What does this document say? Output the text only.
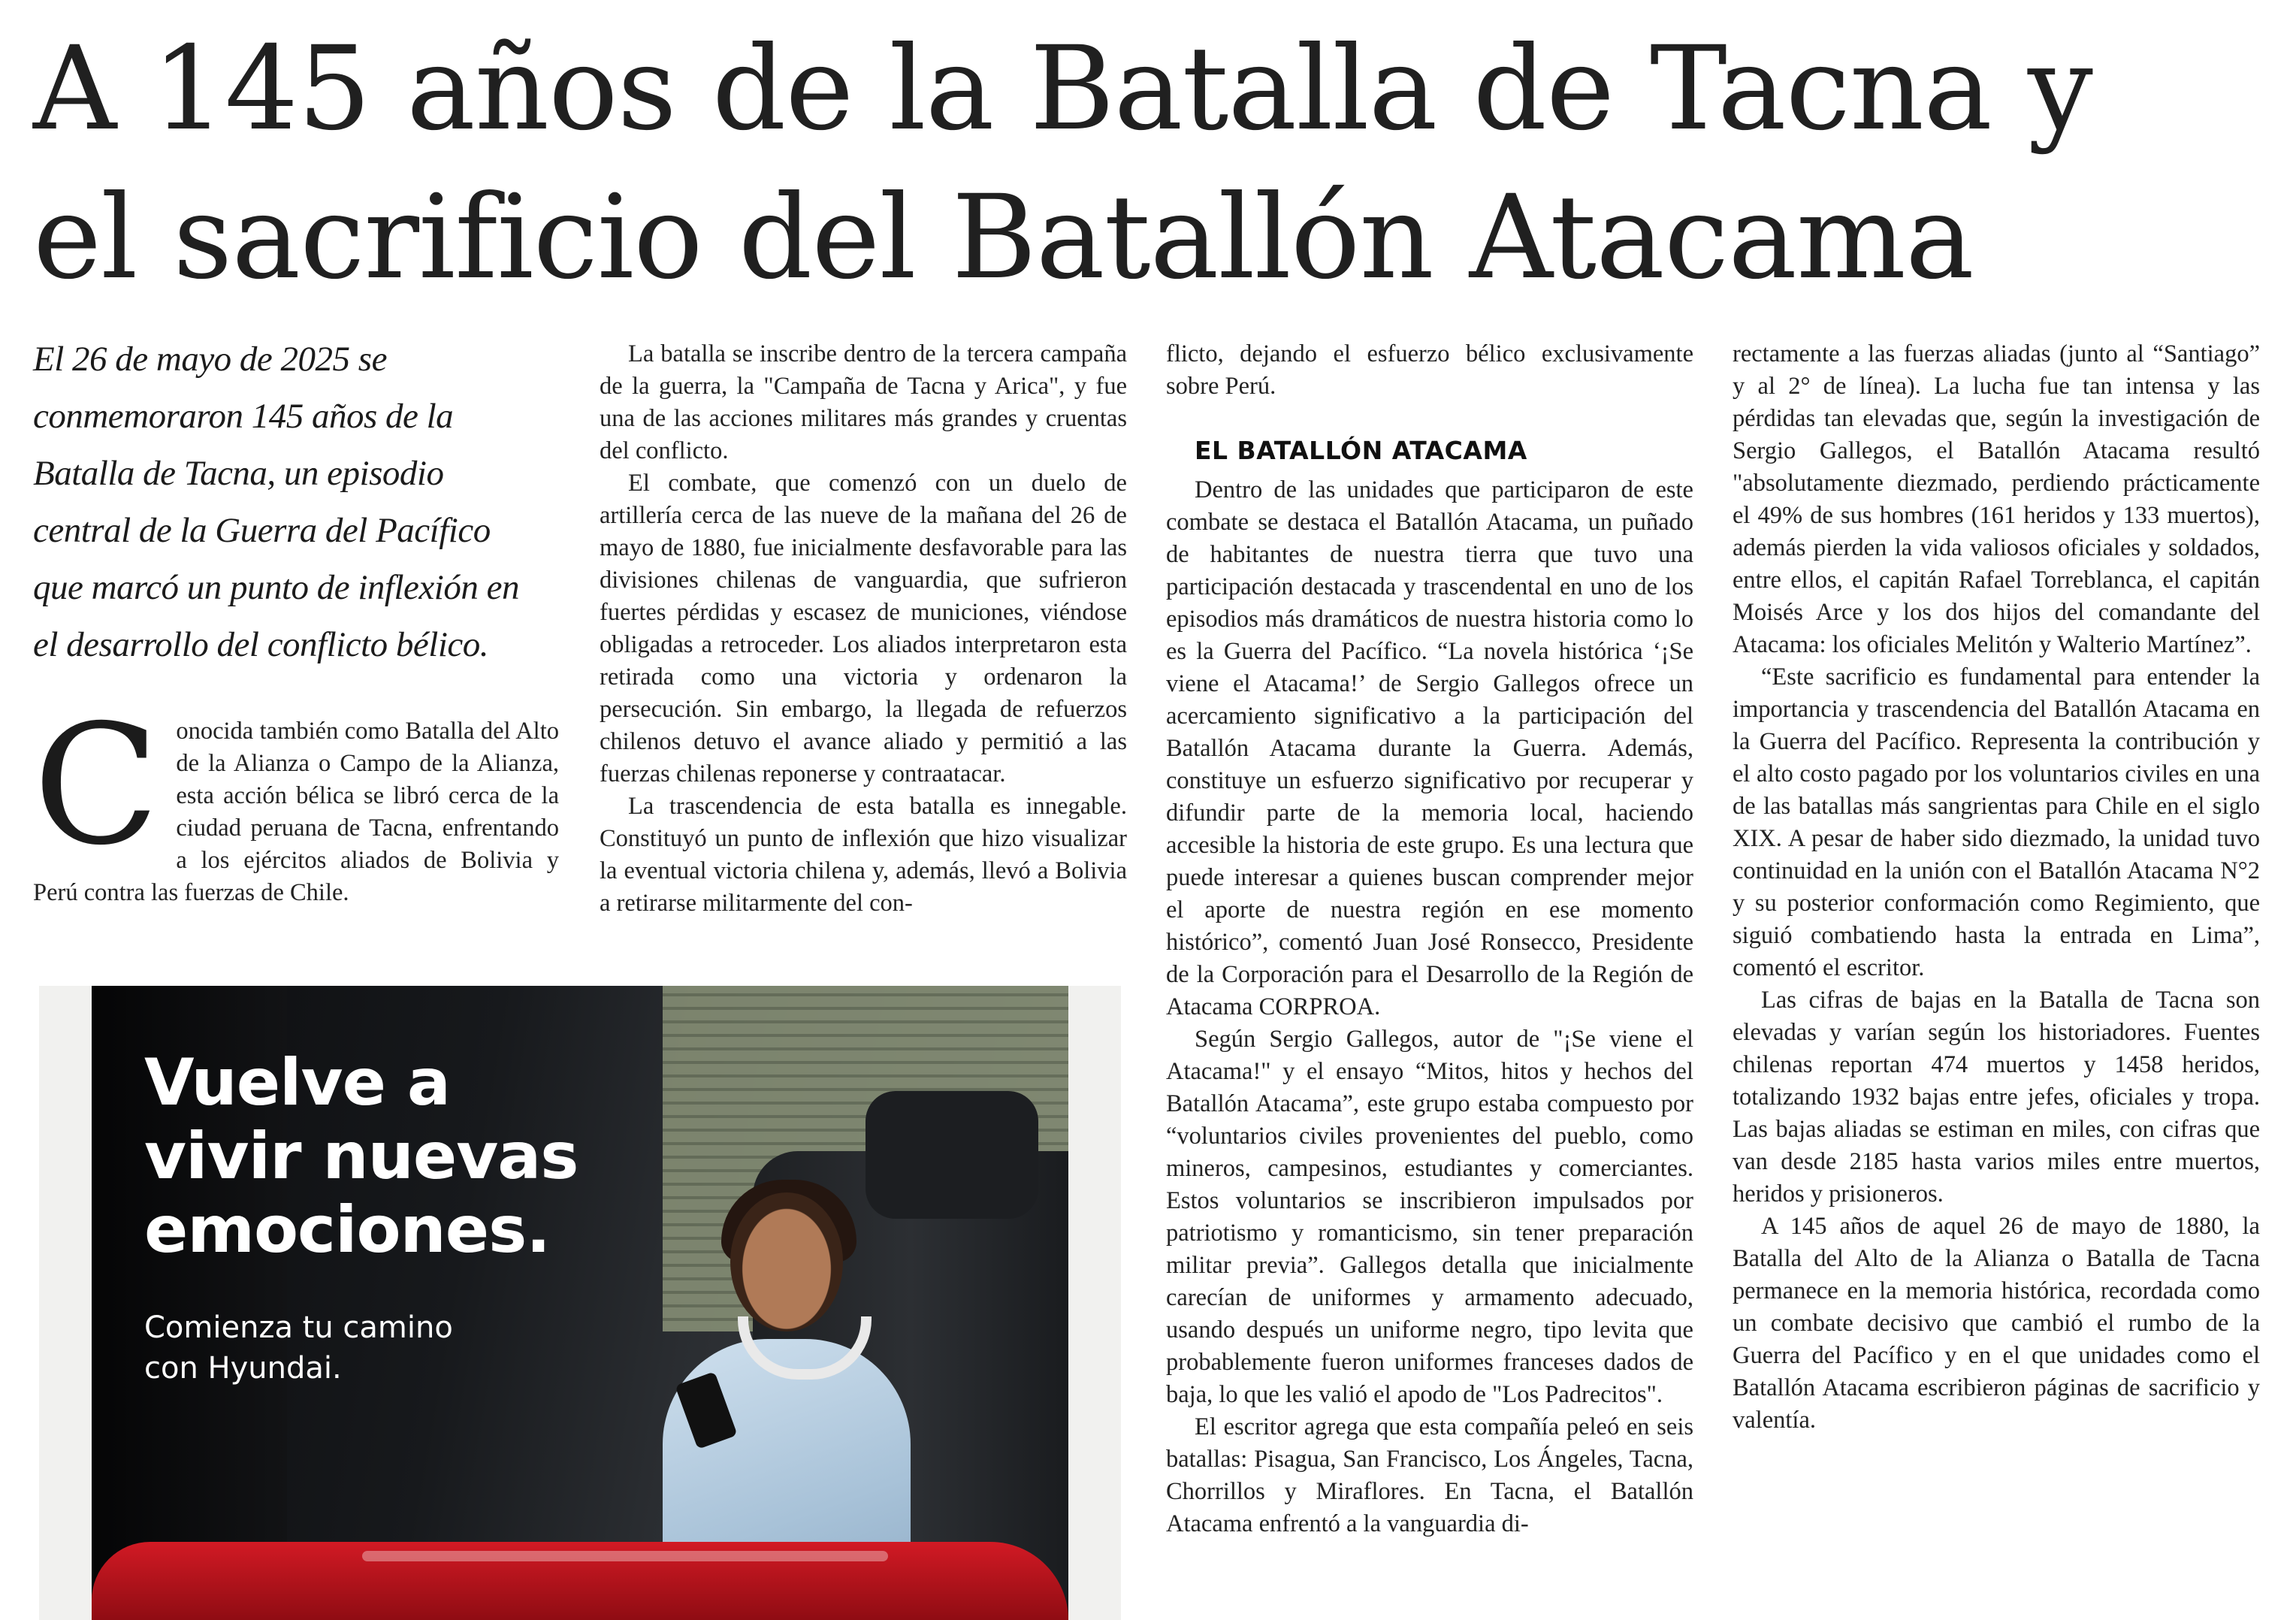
A 145 años de la Batalla de Tacna y
el sacrificio del Batallón Atacama

El 26 de mayo de 2025 se
conmemoraron 145 años de la
Batalla de Tacna, un episodio
central de la Guerra del Pacífico
que marcó un punto de inflexión en
el desarrollo del conflicto bélico.

C onocida también como Batalla del Alto de la Alianza o Campo de la Alianza, esta acción bélica se libró cerca de la ciudad peruana de Tacna, enfrentando a los ejércitos aliados de Bolivia y Perú contra las fuerzas de Chile.

La batalla se inscribe dentro de la tercera campaña de la guerra, la "Campaña de Tacna y Arica", y fue una de las acciones militares más grandes y cruentas del conflicto.

El combate, que comenzó con un duelo de artillería cerca de las nueve de la mañana del 26 de mayo de 1880, fue inicialmente desfavorable para las divisiones chilenas de vanguardia, que sufrieron fuertes pérdidas y escasez de municiones, viéndose obligadas a retroceder. Los aliados interpretaron esta retirada como una victoria y ordenaron la persecución. Sin embargo, la llegada de refuerzos chilenos detuvo el avance aliado y permitió a las fuerzas chilenas reponerse y contraatacar.

La trascendencia de esta batalla es innegable. Constituyó un punto de inflexión que hizo visualizar la eventual victoria chilena y, además, llevó a Bolivia a retirarse militarmente del con-

flicto, dejando el esfuerzo bélico exclusivamente sobre Perú.

EL BATALLÓN ATACAMA

Dentro de las unidades que participaron de este combate se destaca el Batallón Atacama, un puñado de habitantes de nuestra tierra que tuvo una participación destacada y trascendental en uno de los episodios más dramáticos de nuestra historia como lo es la Guerra del Pacífico. “La novela histórica ‘¡Se viene el Atacama!’ de Sergio Gallegos ofrece un acercamiento significativo a la participación del Batallón Atacama durante la Guerra. Además, constituye un esfuerzo significativo por recuperar y difundir parte de la memoria local, haciendo accesible la historia de este grupo. Es una lectura que puede interesar a quienes buscan comprender mejor el aporte de nuestra región en ese momento histórico”, comentó Juan José Ronsecco, Presidente de la Corporación para el Desarrollo de la Región de Atacama CORPROA.

Según Sergio Gallegos, autor de "¡Se viene el Atacama!" y el ensayo “Mitos, hitos y hechos del Batallón Atacama”, este grupo estaba compuesto por “voluntarios civiles provenientes del pueblo, como mineros, campesinos, estudiantes y comerciantes. Estos voluntarios se inscribieron impulsados por patriotismo y romanticismo, sin tener preparación militar previa”. Gallegos detalla que inicialmente carecían de uniformes y armamento adecuado, usando después un uniforme negro, tipo levita que probablemente fueron uniformes franceses dados de baja, lo que les valió el apodo de "Los Padrecitos".

El escritor agrega que esta compañía peleó en seis batallas: Pisagua, San Francisco, Los Ángeles, Tacna, Chorrillos y Miraflores. En Tacna, el Batallón Atacama enfrentó a la vanguardia di-

rectamente a las fuerzas aliadas (junto al “Santiago” y al 2° de línea). La lucha fue tan intensa y las pérdidas tan elevadas que, según la investigación de Sergio Gallegos, el Batallón Atacama resultó "absolutamente diezmado, perdiendo prácticamente el 49% de sus hombres (161 heridos y 133 muertos), además pierden la vida valiosos oficiales y soldados, entre ellos, el capitán Rafael Torreblanca, el capitán Moisés Arce y los dos hijos del comandante del Atacama: los oficiales Melitón y Walterio Martínez”.

“Este sacrificio es fundamental para entender la importancia y trascendencia del Batallón Atacama en la Guerra del Pacífico. Representa la contribución y el alto costo pagado por los voluntarios civiles en una de las batallas más sangrientas para Chile en el siglo XIX. A pesar de haber sido diezmado, la unidad tuvo continuidad en la unión con el Batallón Atacama N°2 y su posterior conformación como Regimiento, que siguió combatiendo hasta la entrada en Lima”, comentó el escritor.

Las cifras de bajas en la Batalla de Tacna son elevadas y varían según los historiadores. Fuentes chilenas reportan 474 muertos y 1458 heridos, totalizando 1932 bajas entre jefes, oficiales y tropa. Las bajas aliadas se estiman en miles, con cifras que van desde 2185 hasta varios miles entre muertos, heridos y prisioneros.

A 145 años de aquel 26 de mayo de 1880, la Batalla del Alto de la Alianza o Batalla de Tacna permanece en la memoria histórica, recordada como un combate decisivo que cambió el rumbo de la Guerra del Pacífico y en el que unidades como el Batallón Atacama escribieron páginas de sacrificio y valentía.

Vuelve a
vivir nuevas
emociones.

Comienza tu camino
con Hyundai.
